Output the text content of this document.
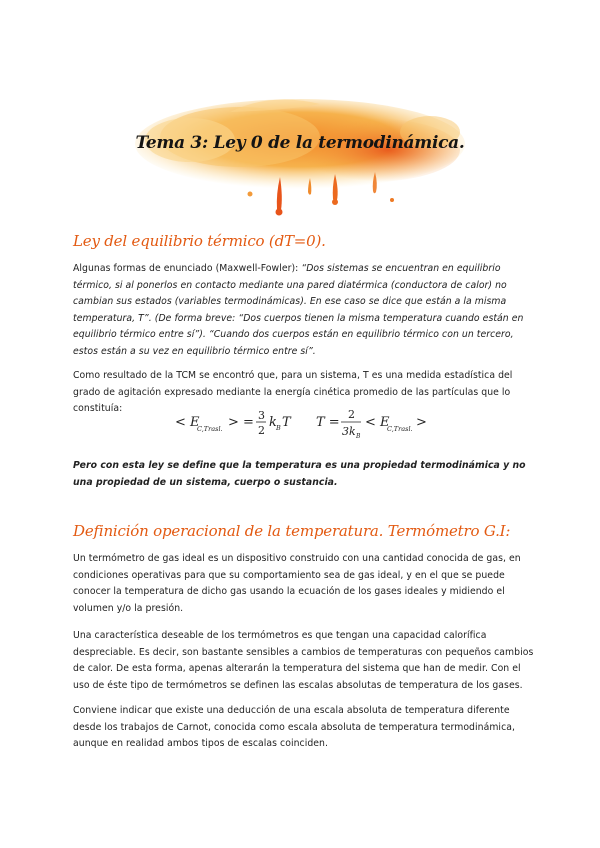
Tema 3: Ley 0 de la termodinámica.
Ley del equilibrio térmico (dT=0).
Algunas formas de enunciado (Maxwell-Fowler): “Dos sistemas se encuentran en equilibrio térmico, si al ponerlos en contacto mediante una pared diatérmica (conductora de calor) no cambian sus estados (variables termodinámicas). En ese caso se dice que están a la misma temperatura, T”. (De forma breve: “Dos cuerpos tienen la misma temperatura cuando están en equilibrio térmico entre sí”). “Cuando dos cuerpos están en equilibrio térmico con un tercero, estos están a su vez en equilibrio térmico entre sí”.
Como resultado de la TCM se encontró que, para un sistema, T es una medida estadística del grado de agitación expresado mediante la energía cinética promedio de las partículas que lo constituía:
< E
C,Trasl. > = 3
2
k B T T =
2
3k B
< E
C,Trasl. >
Pero con esta ley se define que la temperatura es una propiedad termodinámica y no una propiedad de un sistema, cuerpo o sustancia.
Definición operacional de la temperatura. Termómetro G.I:
Un termómetro de gas ideal es un dispositivo construido con una cantidad conocida de gas, en condiciones operativas para que su comportamiento sea de gas ideal, y en el que se puede conocer la temperatura de dicho gas usando la ecuación de los gases ideales y midiendo el volumen y/o la presión.
Una característica deseable de los termómetros es que tengan una capacidad calorífica despreciable. Es decir, son bastante sensibles a cambios de temperaturas con pequeños cambios de calor. De esta forma, apenas alterarán la temperatura del sistema que han de medir. Con el uso de éste tipo de termómetros se definen las escalas absolutas de temperatura de los gases.
Conviene indicar que existe una deducción de una escala absoluta de temperatura diferente desde los trabajos de Carnot, conocida como escala absoluta de temperatura termodinámica, aunque en realidad ambos tipos de escalas coinciden.
